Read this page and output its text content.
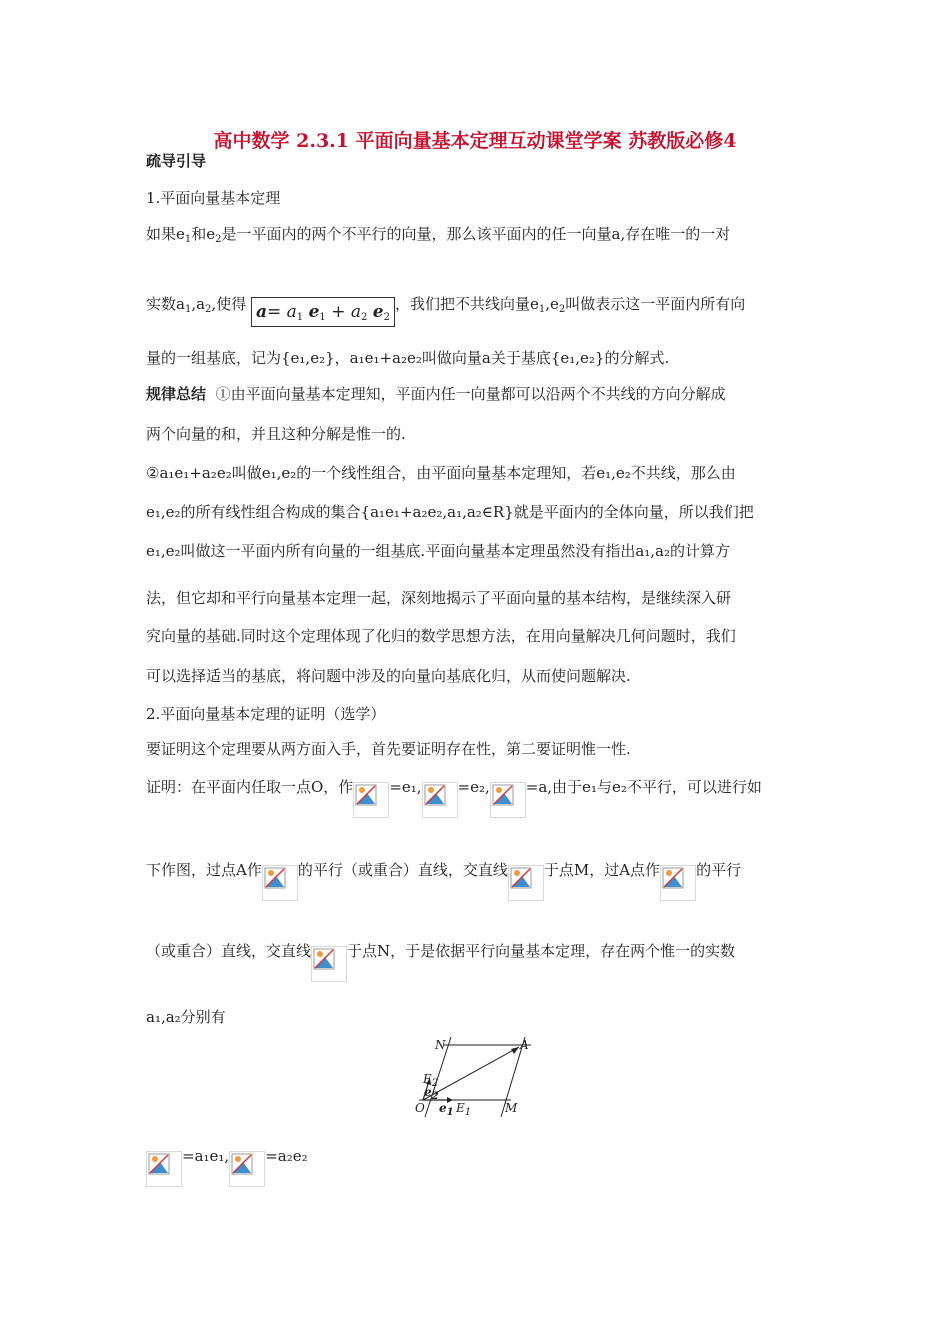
高中数学 2.3.1 平面向量基本定理互动课堂学案 苏教版必修4
疏导引导
1.平面向量基本定理
如果$e_1$和$e_2$是一平面内的两个不平行的向量，那么该平面内的任一向量a,存在唯一的一对
实数$a_1,a_2$,使得 $a= a_1$ $e_1 + a_2$ $e_2$，我们把不共线向量$e_1,e_2$叫做表示这一平面内所有向
量的一组基底，记为{e₁,e₂}，a₁e₁+a₂e₂叫做向量a关于基底{e₁,e₂}的分解式.
规律总结 ①由平面向量基本定理知，平面内任一向量都可以沿两个不共线的方向分解成
两个向量的和，并且这种分解是惟一的.
②a₁e₁+a₂e₂叫做e₁,e₂的一个线性组合，由平面向量基本定理知，若e₁,e₂不共线，那么由
e₁,e₂的所有线性组合构成的集合{a₁e₁+a₂e₂,a₁,a₂∈R}就是平面内的全体向量，所以我们把
e₁,e₂叫做这一平面内所有向量的一组基底.平面向量基本定理虽然没有指出a₁,a₂的计算方
法，但它却和平行向量基本定理一起，深刻地揭示了平面向量的基本结构，是继续深入研
究向量的基础.同时这个定理体现了化归的数学思想方法，在用向量解决几何问题时，我们
可以选择适当的基底，将问题中涉及的向量向基底化归，从而使问题解决.
2.平面向量基本定理的证明（选学）
要证明这个定理要从两方面入手，首先要证明存在性，第二要证明惟一性.
证明：在平面内任取一点O，作 =e₁, =e₂, =a,由于e₁与e₂不平行，可以进行如
下作图，过点A作 的平行（或重合）直线，交直线 于点M，过A点作 的平行
（或重合）直线，交直线 于点N，于是依据平行向量基本定理，存在两个惟一的实数
a₁,a₂分别有
N	A
$E_2$
$e_2$
O $e_1$ $E_1$	M
=a₁e₁, =a₂e₂
